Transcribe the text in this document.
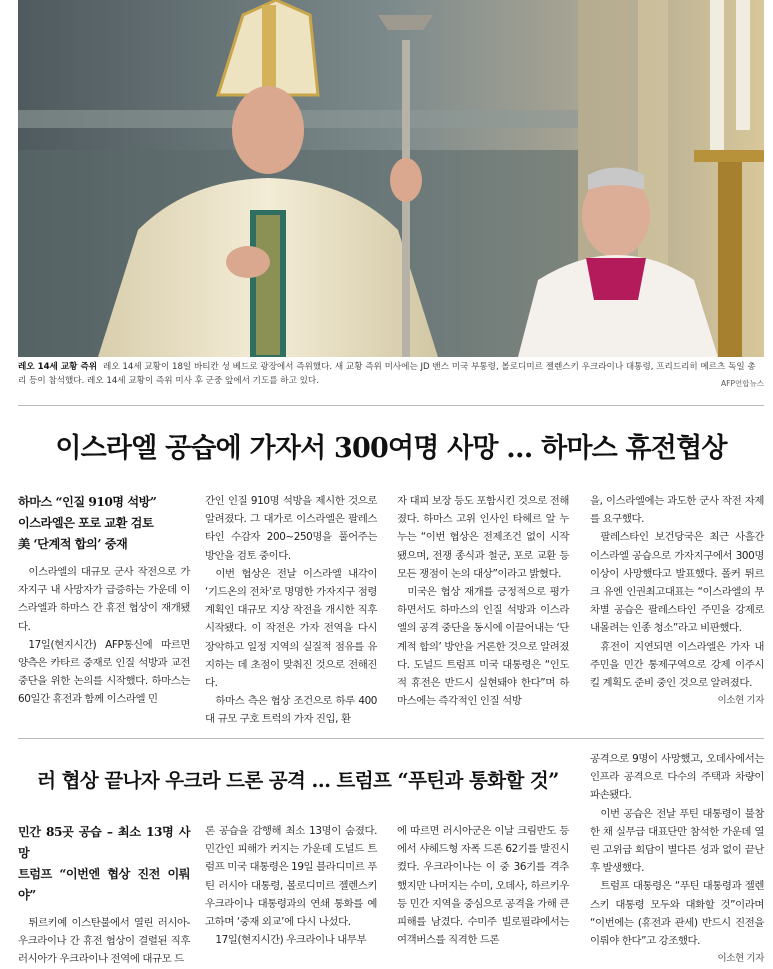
레오 14세 교황 즉위 레오 14세 교황이 18일 바티칸 성 베드로 광장에서 즉위했다. 새 교황 즉위 미사에는 JD 밴스 미국 부통령, 볼로디미르 젤렌스키 우크라이나 대통령, 프리드리히 메르츠 독일 총리 등이 참석했다. 레오 14세 교황이 즉위 미사 후 군중 앞에서 기도를 하고 있다.	AFP연합뉴스
이스라엘 공습에 가자서 300여명 사망 … 하마스 휴전협상
하마스 “인질 910명 석방”
이스라엘은 포로 교환 검토
美 ‘단계적 합의’ 중재

이스라엘의 대규모 군사 작전으로 가자지구 내 사망자가 급증하는 가운데 이스라엘과 하마스 간 휴전 협상이 재개됐다.

17일(현지시간) AFP통신에 따르면 양측은 카타르 중재로 인질 석방과 교전 중단을 위한 논의를 시작했다. 하마스는 60일간 휴전과 함께 이스라엘 민

간인 인질 910명 석방을 제시한 것으로 알려졌다. 그 대가로 이스라엘은 팔레스타인 수감자 200~250명을 풀어주는 방안을 검토 중이다.

이번 협상은 전날 이스라엘 내각이 ‘기드온의 전차’로 명명한 가자지구 점령 계획인 대규모 지상 작전을 개시한 직후 시작됐다. 이 작전은 가자 전역을 다시 장악하고 일정 지역의 실질적 점유를 유지하는 데 초점이 맞춰진 것으로 전해진다.

하마스 측은 협상 조건으로 하루 400대 규모 구호 트럭의 가자 진입, 환

자 대피 보장 등도 포함시킨 것으로 전해졌다. 하마스 고위 인사인 타헤르 알 누누는 “이번 협상은 전제조건 없이 시작됐으며, 전쟁 종식과 철군, 포로 교환 등 모든 쟁점이 논의 대상”이라고 밝혔다.

미국은 협상 재개를 긍정적으로 평가하면서도 하마스의 인질 석방과 이스라엘의 공격 중단을 동시에 이끌어내는 ‘단계적 합의’ 방안을 거론한 것으로 알려졌다. 도널드 트럼프 미국 대통령은 “인도적 휴전은 반드시 실현돼야 한다”며 하마스에는 즉각적인 인질 석방

을, 이스라엘에는 과도한 군사 작전 자제를 요구했다.

팔레스타인 보건당국은 최근 사흘간 이스라엘 공습으로 가자지구에서 300명 이상이 사망했다고 발표했다. 폴커 튀르크 유엔 인권최고대표는 “이스라엘의 무차별 공습은 팔레스타인 주민을 강제로 내몰려는 인종 청소”라고 비판했다.

휴전이 지연되면 이스라엘은 가자 내 주민을 민간 통제구역으로 강제 이주시킬 계획도 준비 중인 것으로 알려졌다.

이소현 기자
러 협상 끝나자 우크라 드론 공격 … 트럼프 “푸틴과 통화할 것”
민간 85곳 공습 – 최소 13명 사망
트럼프 “이번엔 협상 진전 이뤄야”

튀르키예 이스탄불에서 열린 러시아-우크라이나 간 휴전 협상이 결렬된 직후 러시아가 우크라이나 전역에 대규모 드

론 공습을 감행해 최소 13명이 숨졌다. 민간인 피해가 커지는 가운데 도널드 트럼프 미국 대통령은 19일 블라디미르 푸틴 러시아 대통령, 볼로디미르 젤렌스키 우크라이나 대통령과의 연쇄 통화를 예고하며 ‘중재 외교’에 다시 나섰다.

17일(현지시간) 우크라이나 내무부

에 따르면 러시아군은 이날 크림반도 등에서 샤헤드형 자폭 드론 62기를 발진시켰다. 우크라이나는 이 중 36기를 격추했지만 나머지는 수미, 오데사, 하르키우 등 민간 지역을 중심으로 공격을 가해 큰 피해를 남겼다. 수미주 빌로필랴에서는 여객버스를 직격한 드론

공격으로 9명이 사망했고, 오데사에서는 인프라 공격으로 다수의 주택과 차량이 파손됐다.

이번 공습은 전날 푸틴 대통령이 불참한 채 실무급 대표단만 참석한 가운데 열린 고위급 회담이 별다른 성과 없이 끝난 후 발생했다.

트럼프 대통령은 “푸틴 대통령과 젤렌스키 대통령 모두와 대화할 것”이라며 “이번에는 (휴전과 관세) 반드시 진전을 이뤄야 한다”고 강조했다.

이소현 기자
